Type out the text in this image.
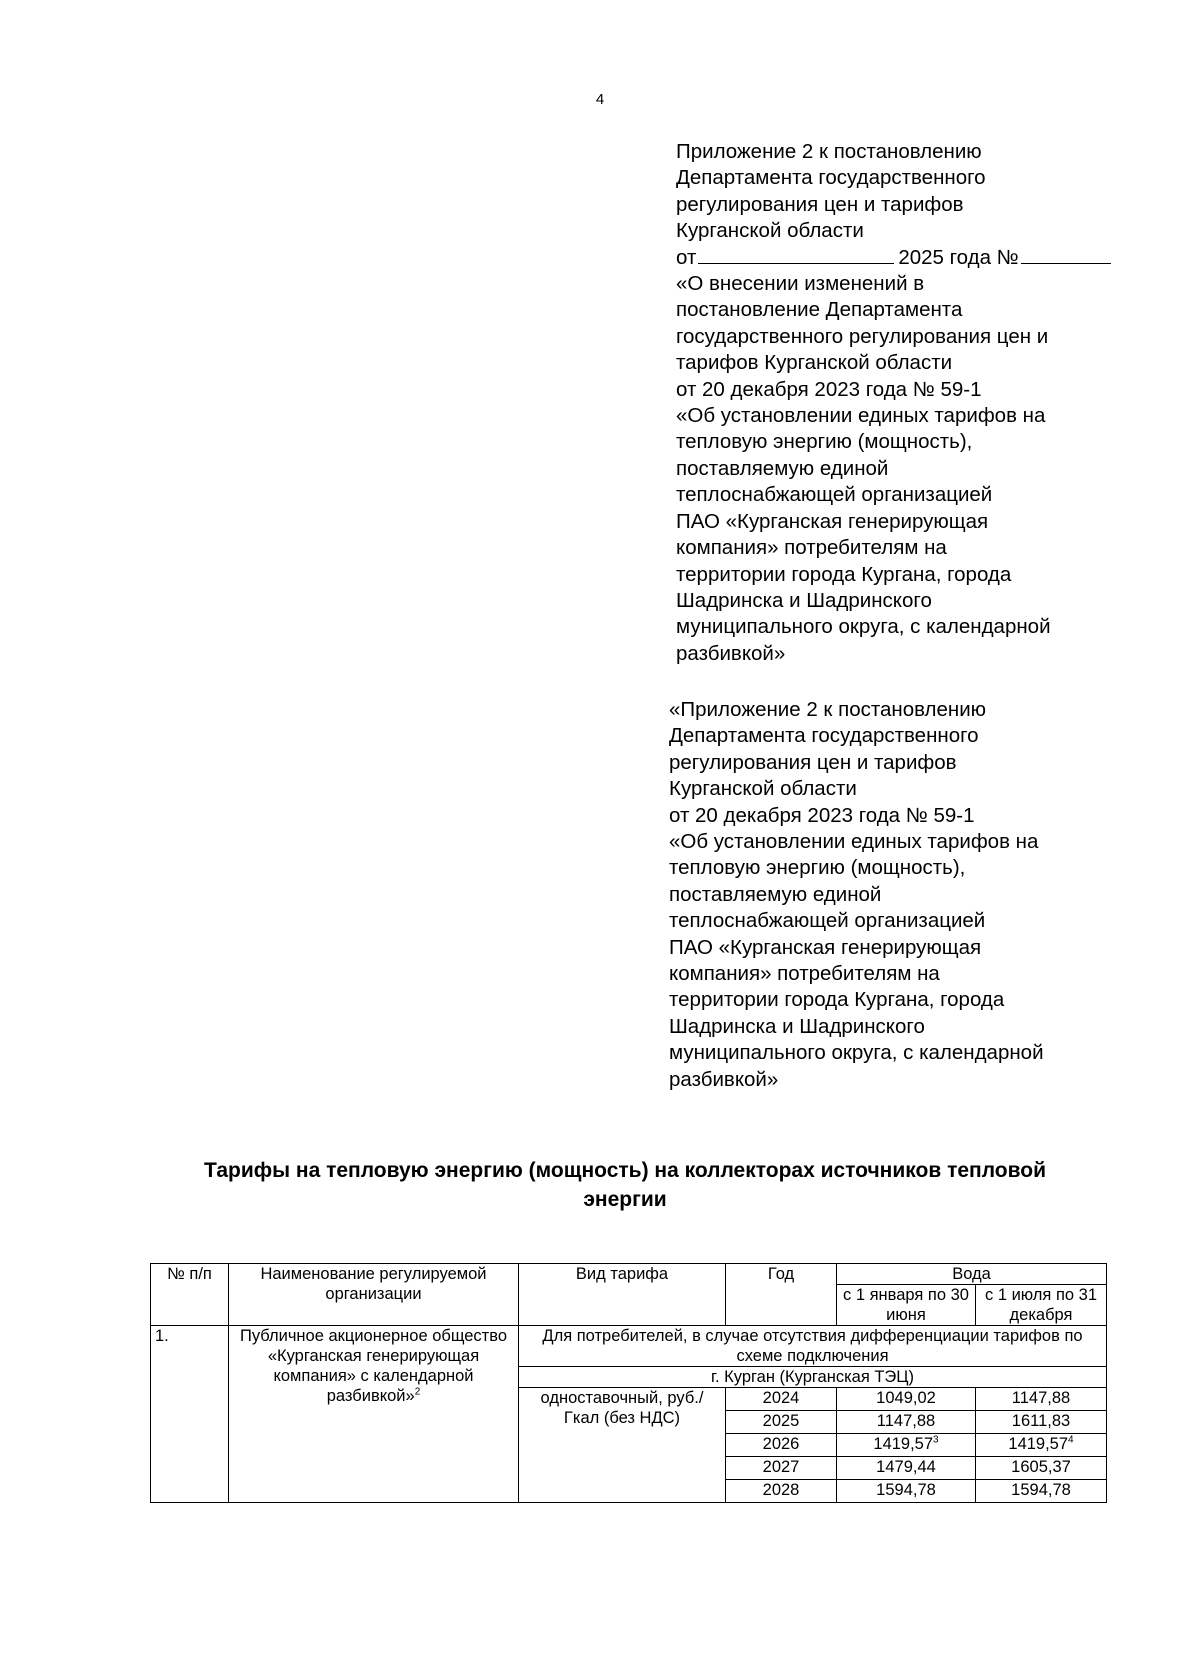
4
Приложение 2 к постановлению
Департамента государственного
регулирования цен и тарифов
Курганской области
от	2025 года №
«О внесении изменений в
постановление Департамента
государственного регулирования цен и
тарифов Курганской области
от 20 декабря 2023 года № 59-1
«Об установлении единых тарифов на
тепловую энергию (мощность),
поставляемую единой
теплоснабжающей организацией
ПАО «Курганская генерирующая
компания» потребителям на
территории города Кургана, города
Шадринска и Шадринского
муниципального округа, с календарной
разбивкой»
«Приложение 2 к постановлению
Департамента государственного
регулирования цен и тарифов
Курганской области
от 20 декабря 2023 года № 59-1
«Об установлении единых тарифов на
тепловую энергию (мощность),
поставляемую единой
теплоснабжающей организацией
ПАО «Курганская генерирующая
компания» потребителям на
территории города Кургана, города
Шадринска и Шадринского
муниципального округа, с календарной
разбивкой»
Тарифы на тепловую энергию (мощность) на коллекторах источников тепловой
энергии
№ п/п	Наименование регулируемой организации	Вид тарифа	Год	Вода	
				с 1 января по 30 июня	с 1 июля по 31 декабря
1.	Публичное акционерное общество «Курганская генерирующая компания» с календарной разбивкой»$^2$	Для потребителей, в случае отсутствия дифференциации тарифов по схеме подключения			
		г. Курган (Курганская ТЭЦ)			
		одноставочный, руб./Гкал (без НДС)	2024	1049,02	1147,88
			2025	1147,88	1611,83
			2026	1419,57$^3$	1419,57$^4$
			2027	1479,44	1605,37
			2028	1594,78	1594,78
